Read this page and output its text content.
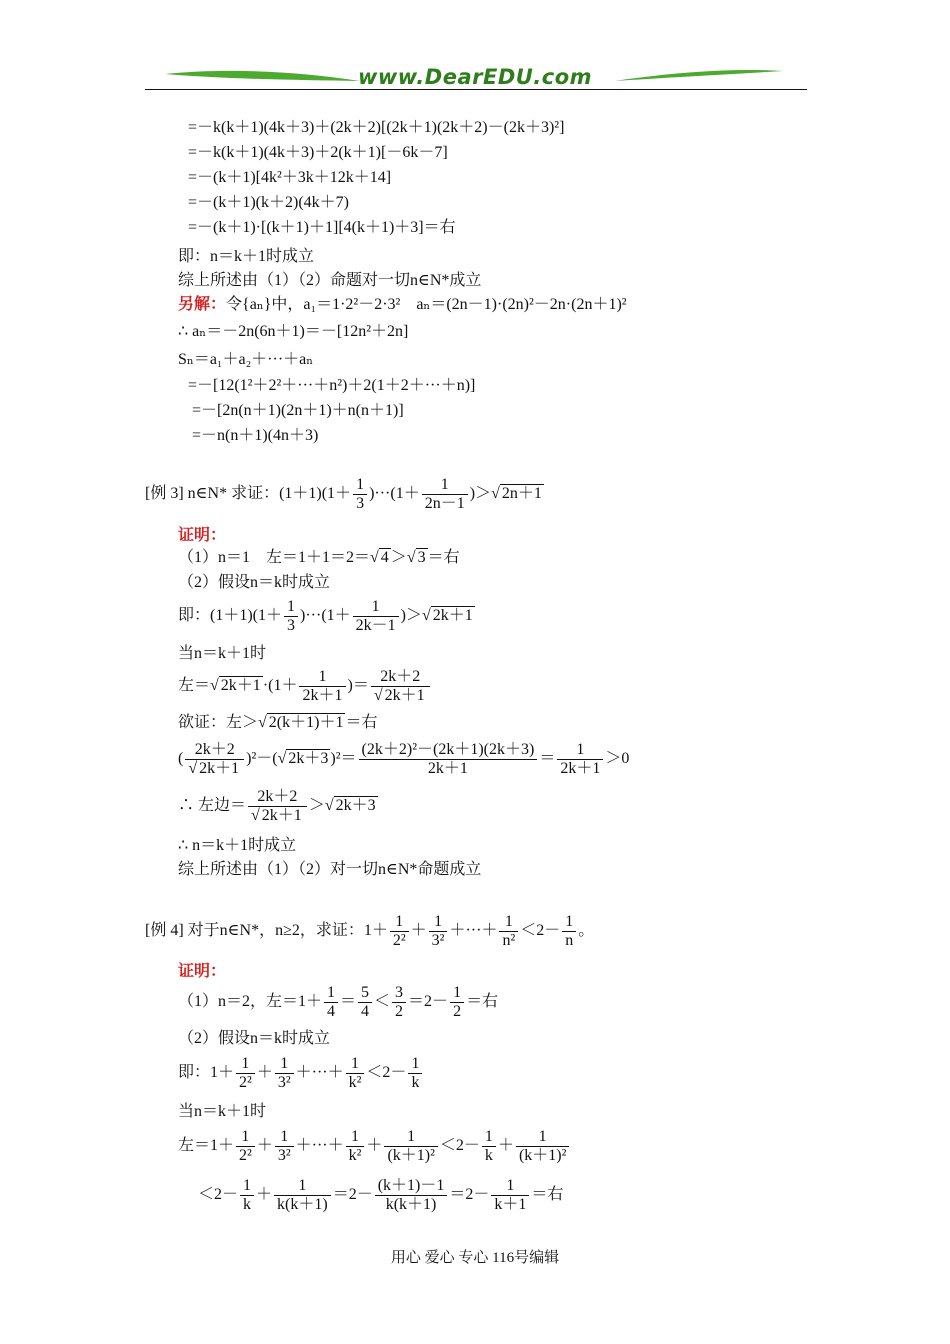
www.DearEDU.com
=－k(k＋1)(4k＋3)＋(2k＋2)[(2k＋1)(2k＋2)－(2k＋3)²]
=－k(k＋1)(4k＋3)＋2(k＋1)[－6k－7]
=－(k＋1)[4k²＋3k＋12k＋14]
=－(k＋1)(k＋2)(4k＋7)
=－(k＋1)·[(k＋1)＋1][4(k＋1)＋3]＝右
即：n＝k＋1时成立
综上所述由（1）（2）命题对一切n∈N*成立
另解：令{aₙ}中，a₁＝1·2²－2·3²　aₙ＝(2n－1)·(2n)²－2n·(2n＋1)²
∴ aₙ＝－2n(6n＋1)＝－[12n²＋2n]
Sₙ＝a₁＋a₂＋···＋aₙ
=－[12(1²＋2²＋···＋n²)＋2(1＋2＋···＋n)]
=－[2n(n＋1)(2n＋1)＋n(n＋1)]
=－n(n＋1)(4n＋3)
[例 3] n∈N* 求证：$(1+1)(1+ \frac{1}{3} )\cdot\cdot\cdot(1+ \frac{1}{2n-1}$ )＞√ 2n＋1
证明：
（1）n＝1　左＝1＋1＝2＝√ 4 ＞√ 3 ＝右
（2）假设n＝k时成立
即：$(1+1)(1+ \frac{1}{3} )\cdot\cdot\cdot(1+ \frac{1}{2k-1}$ )＞√ 2k＋1
当n＝k＋1时
左＝√ $2k+1 \cdot(1+ \frac{1}{2k+1}$ )＝ $\frac{2k+2}{√ 2k+1}$
欲证：左＞√ 2(k＋1)＋1 ＝右
( $\frac{2k+2}{√ 2k+1} )^2-(√$ 2k＋3 )$^2= \frac{\text{(2k＋2)²－(2k＋1)(2k＋3)}}{2k+1} = \frac{1}{2k+1} >0$
∴ 左边＝ $\frac{2k+2}{√ 2k+1}$ ＞√ 2k＋3
∴ n＝k＋1时成立
综上所述由（1）（2）对一切n∈N*命题成立
[例 4] 对于n∈N*，n≥2，求证：$1+ \frac{1}{\text{2²}} + \frac{1}{\text{3²}}$ ＋···＋ $\frac{1}{\text{n²}} <2- \frac{1}{n}$ 。
证明：
（1）n＝2，左$=1+ \frac{1}{4} = \frac{5}{4} < \frac{3}{2} =2- \frac{1}{2}$ ＝右
（2）假设n＝k时成立
即：$1+ \frac{1}{\text{2²}} + \frac{1}{\text{3²}}$ ＋···＋ $\frac{1}{\text{k²}} <2- \frac{1}{k}$
当n＝k＋1时
左$=1+ \frac{1}{\text{2²}} + \frac{1}{\text{3²}}$ ＋···＋ $\frac{1}{\text{k²}} + \frac{1}{\text{(k＋1)²}} <2- \frac{1}{k} + \frac{1}{\text{(k＋1)²}}$
$<2- \frac{1}{k} + \frac{1}{k(k+1)} =2- \frac{(k+1)-1}{k(k+1)} =2- \frac{1}{k+1}$ ＝右
用心 爱心 专心 116号编辑
